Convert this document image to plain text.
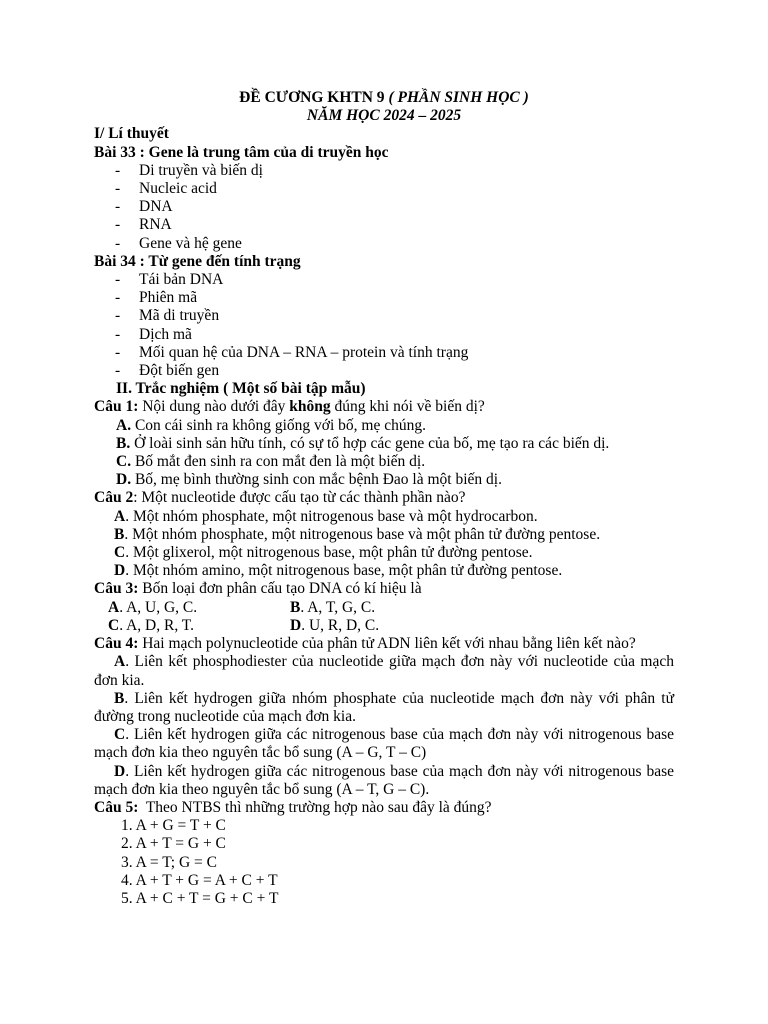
ĐỀ CƯƠNG KHTN 9 ( PHẦN SINH HỌC )
NĂM HỌC 2024 – 2025
I/ Lí thuyết
Bài 33 : Gene là trung tâm của di truyền học
- Di truyền và biến dị
- Nucleic acid
- DNA
- RNA
- Gene và hệ gene
Bài 34 : Từ gene đến tính trạng
- Tái bản DNA
- Phiên mã
- Mã di truyền
- Dịch mã
- Mối quan hệ của DNA – RNA – protein và tính trạng
- Đột biến gen
II. Trắc nghiệm ( Một số bài tập mẫu)
Câu 1: Nội dung nào dưới đây không đúng khi nói về biến dị?
A. Con cái sinh ra không giống với bố, mẹ chúng.
B. Ở loài sinh sản hữu tính, có sự tổ hợp các gene của bố, mẹ tạo ra các biến dị.
C. Bố mắt đen sinh ra con mắt đen là một biến dị.
D. Bố, mẹ bình thường sinh con mắc bệnh Đao là một biến dị.
Câu 2: Một nucleotide được cấu tạo từ các thành phần nào?
A. Một nhóm phosphate, một nitrogenous base và một hydrocarbon.
B. Một nhóm phosphate, một nitrogenous base và một phân tử đường pentose.
C. Một glixerol, một nitrogenous base, một phân tử đường pentose.
D. Một nhóm amino, một nitrogenous base, một phân tử đường pentose.
Câu 3: Bốn loại đơn phân cấu tạo DNA có kí hiệu là
A. A, U, G, C.	B. A, T, G, C.
C. A, D, R, T.	D. U, R, D, C.
Câu 4: Hai mạch polynucleotide của phân tử ADN liên kết với nhau bằng liên kết nào?
A. Liên kết phosphodiester của nucleotide giữa mạch đơn này với nucleotide của mạch đơn kia.
B. Liên kết hydrogen giữa nhóm phosphate của nucleotide mạch đơn này với phân tử đường trong nucleotide của mạch đơn kia.
C. Liên kết hydrogen giữa các nitrogenous base của mạch đơn này với nitrogenous base mạch đơn kia theo nguyên tắc bổ sung (A – G, T – C)
D. Liên kết hydrogen giữa các nitrogenous base của mạch đơn này với nitrogenous base mạch đơn kia theo nguyên tắc bổ sung (A – T, G – C).
Câu 5:  Theo NTBS thì những trường hợp nào sau đây là đúng?
1. A + G = T + C
2. A + T = G + C
3. A = T; G = C
4. A + T + G = A + C + T
5. A + C + T = G + C + T
